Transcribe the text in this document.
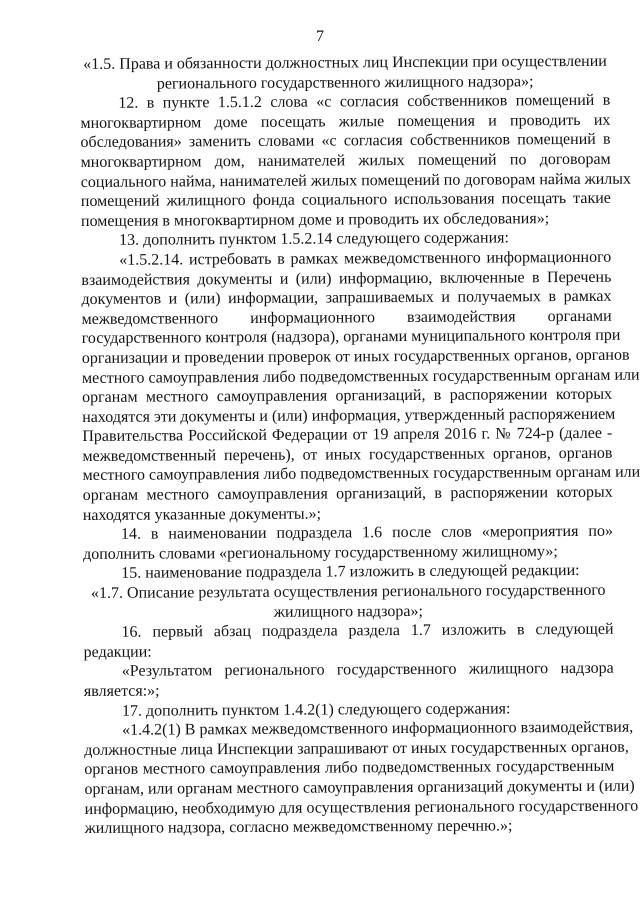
7
«1.5. Права и обязанности должностных лиц Инспекции при осуществлении
регионального государственного жилищного надзора»;
12. в пункте 1.5.1.2 слова «с согласия собственников помещений в
многоквартирном доме посещать жилые помещения и проводить их
обследования» заменить словами «с согласия собственников помещений в
многоквартирном дом, нанимателей жилых помещений по договорам
социального найма, нанимателей жилых помещений по договорам найма жилых
помещений жилищного фонда социального использования посещать такие
помещения в многоквартирном доме и проводить их обследования»;
13. дополнить пунктом 1.5.2.14 следующего содержания:
«1.5.2.14. истребовать в рамках межведомственного информационного
взаимодействия документы и (или) информацию, включенные в Перечень
документов и (или) информации, запрашиваемых и получаемых в рамках
межведомственного информационного взаимодействия органами
государственного контроля (надзора), органами муниципального контроля при
организации и проведении проверок от иных государственных органов, органов
местного самоуправления либо подведомственных государственным органам или
органам местного самоуправления организаций, в распоряжении которых
находятся эти документы и (или) информация, утвержденный распоряжением
Правительства Российской Федерации от 19 апреля 2016 г. № 724-р (далее -
межведомственный перечень), от иных государственных органов, органов
местного самоуправления либо подведомственных государственным органам или
органам местного самоуправления организаций, в распоряжении которых
находятся указанные документы.»;
14. в наименовании подраздела 1.6 после слов «мероприятия по»
дополнить словами «региональному государственному жилищному»;
15. наименование подраздела 1.7 изложить в следующей редакции:
«1.7. Описание результата осуществления регионального государственного
жилищного надзора»;
16. первый абзац подраздела раздела 1.7 изложить в следующей
редакции:
«Результатом регионального государственного жилищного надзора
является:»;
17. дополнить пунктом 1.4.2(1) следующего содержания:
«1.4.2(1) В рамках межведомственного информационного взаимодействия,
должностные лица Инспекции запрашивают от иных государственных органов,
органов местного самоуправления либо подведомственных государственным
органам, или органам местного самоуправления организаций документы и (или)
информацию, необходимую для осуществления регионального государственного
жилищного надзора, согласно межведомственному перечню.»;
